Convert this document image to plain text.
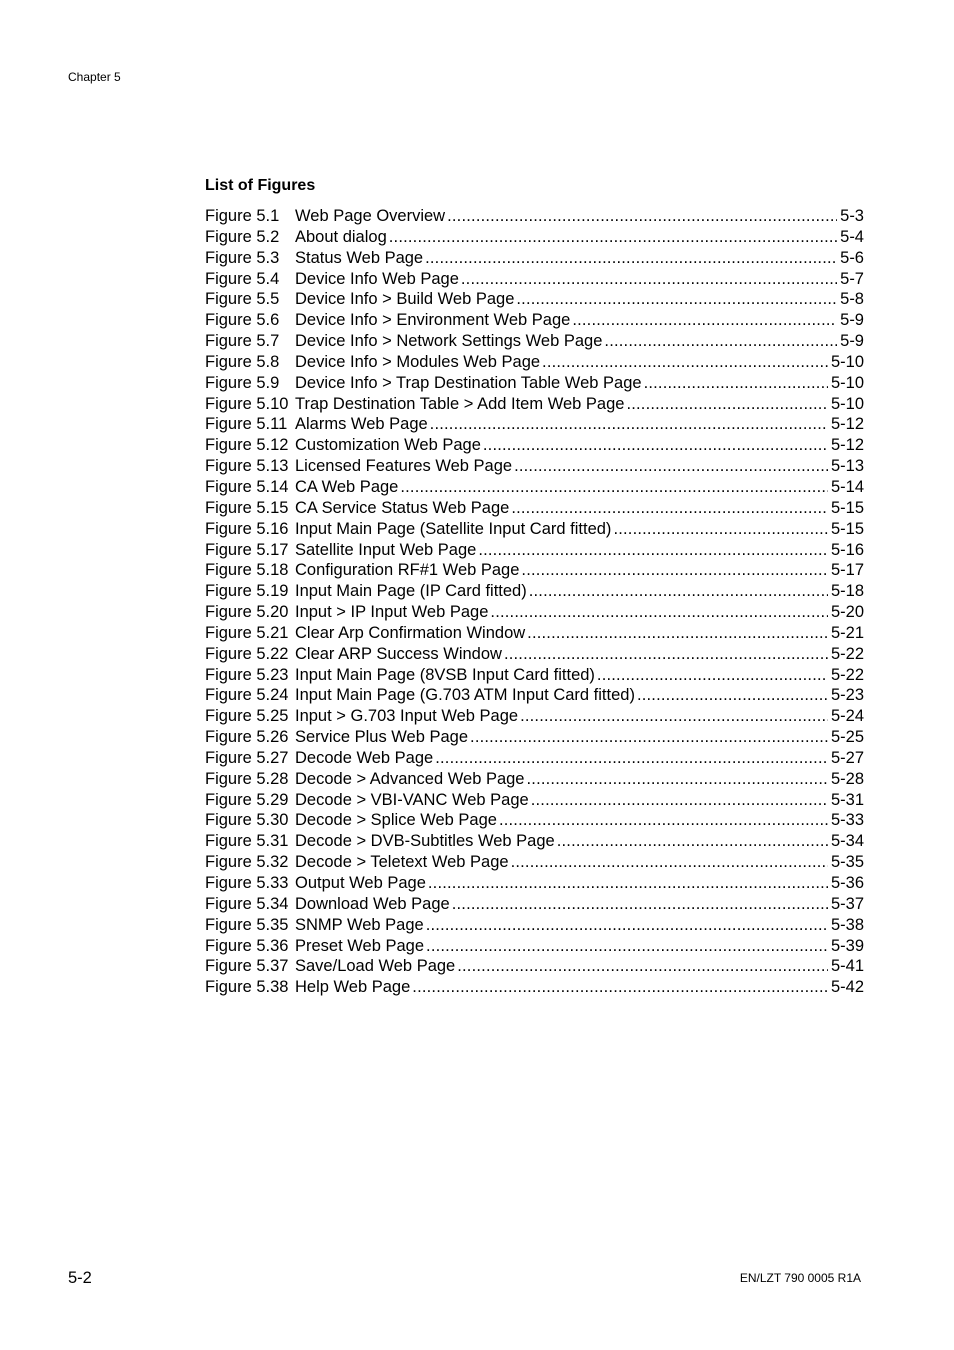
Chapter 5
List of Figures
Figure 5.1 Web Page Overview .....	5-3
Figure 5.2 About dialog .....	5-4
Figure 5.3 Status Web Page .....	5-6
Figure 5.4 Device Info Web Page .....	5-7
Figure 5.5 Device Info > Build Web Page .....	5-8
Figure 5.6 Device Info > Environment Web Page .....	5-9
Figure 5.7 Device Info > Network Settings Web Page .....	5-9
Figure 5.8 Device Info > Modules Web Page .....	5-10
Figure 5.9 Device Info > Trap Destination Table Web Page .....	5-10
Figure 5.10 Trap Destination Table > Add Item Web Page .....	5-10
Figure 5.11 Alarms Web Page .....	5-12
Figure 5.12 Customization Web Page .....	5-12
Figure 5.13 Licensed Features Web Page .....	5-13
Figure 5.14 CA Web Page .....	5-14
Figure 5.15 CA Service Status Web Page .....	5-15
Figure 5.16 Input Main Page (Satellite Input Card fitted) .....	5-15
Figure 5.17 Satellite Input Web Page .....	5-16
Figure 5.18 Configuration RF#1 Web Page .....	5-17
Figure 5.19 Input Main Page (IP Card fitted) .....	5-18
Figure 5.20 Input > IP Input Web Page .....	5-20
Figure 5.21 Clear Arp Confirmation Window .....	5-21
Figure 5.22 Clear ARP Success Window .....	5-22
Figure 5.23 Input Main Page (8VSB Input Card fitted) .....	5-22
Figure 5.24 Input Main Page (G.703 ATM Input Card fitted) .....	5-23
Figure 5.25 Input > G.703 Input Web Page .....	5-24
Figure 5.26 Service Plus Web Page .....	5-25
Figure 5.27 Decode Web Page .....	5-27
Figure 5.28 Decode > Advanced Web Page .....	5-28
Figure 5.29 Decode > VBI-VANC Web Page .....	5-31
Figure 5.30 Decode > Splice Web Page .....	5-33
Figure 5.31 Decode > DVB-Subtitles Web Page .....	5-34
Figure 5.32 Decode > Teletext Web Page .....	5-35
Figure 5.33 Output Web Page .....	5-36
Figure 5.34 Download Web Page .....	5-37
Figure 5.35 SNMP Web Page .....	5-38
Figure 5.36 Preset Web Page .....	5-39
Figure 5.37 Save/Load Web Page .....	5-41
Figure 5.38 Help Web Page .....	5-42
5-2	EN/LZT 790 0005 R1A
